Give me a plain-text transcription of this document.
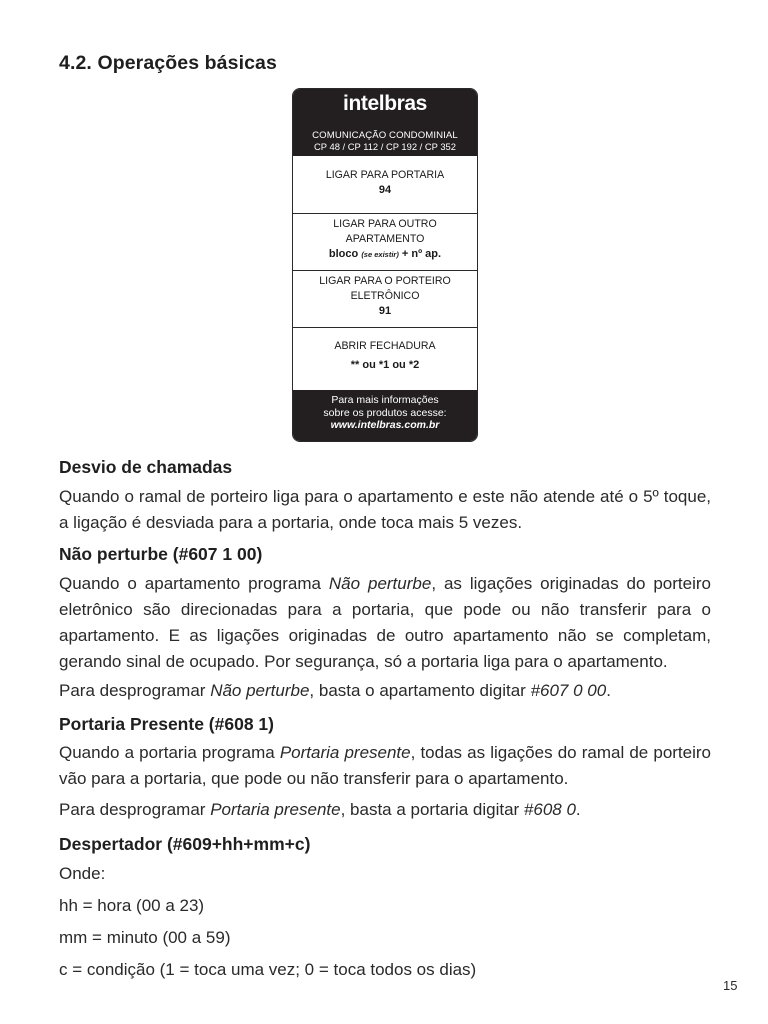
4.2. Operações básicas
intelbras
COMUNICAÇÃO CONDOMINIAL
CP 48 / CP 112 / CP 192 / CP 352
LIGAR PARA PORTARIA
94
LIGAR PARA OUTRO
APARTAMENTO
bloco (se existir) + nº ap.
LIGAR PARA O PORTEIRO
ELETRÔNICO
91
ABRIR FECHADURA
** ou *1 ou *2
Para mais informações
sobre os produtos acesse:
www.intelbras.com.br
Desvio de chamadas

Quando o ramal de porteiro liga para o apartamento e este não atende até o 5º toque, a ligação é desviada para a portaria, onde toca mais 5 vezes.

Não perturbe (#607 1 00)

Quando o apartamento programa Não perturbe, as ligações originadas do porteiro eletrônico são direcionadas para a portaria, que pode ou não transferir para o apartamento. E as ligações originadas de outro apartamento não se completam, gerando sinal de ocupado. Por segurança, só a portaria liga para o apartamento.

Para desprogramar Não perturbe, basta o apartamento digitar #607 0 00.

Portaria Presente (#608 1)

Quando a portaria programa Portaria presente, todas as ligações do ramal de porteiro vão para a portaria, que pode ou não transferir para o apartamento.

Para desprogramar Portaria presente, basta a portaria digitar #608 0.

Despertador (#609+hh+mm+c)

Onde:

hh = hora (00 a 23)

mm = minuto (00 a 59)

c = condição (1 = toca uma vez; 0 = toca todos os dias)

15
